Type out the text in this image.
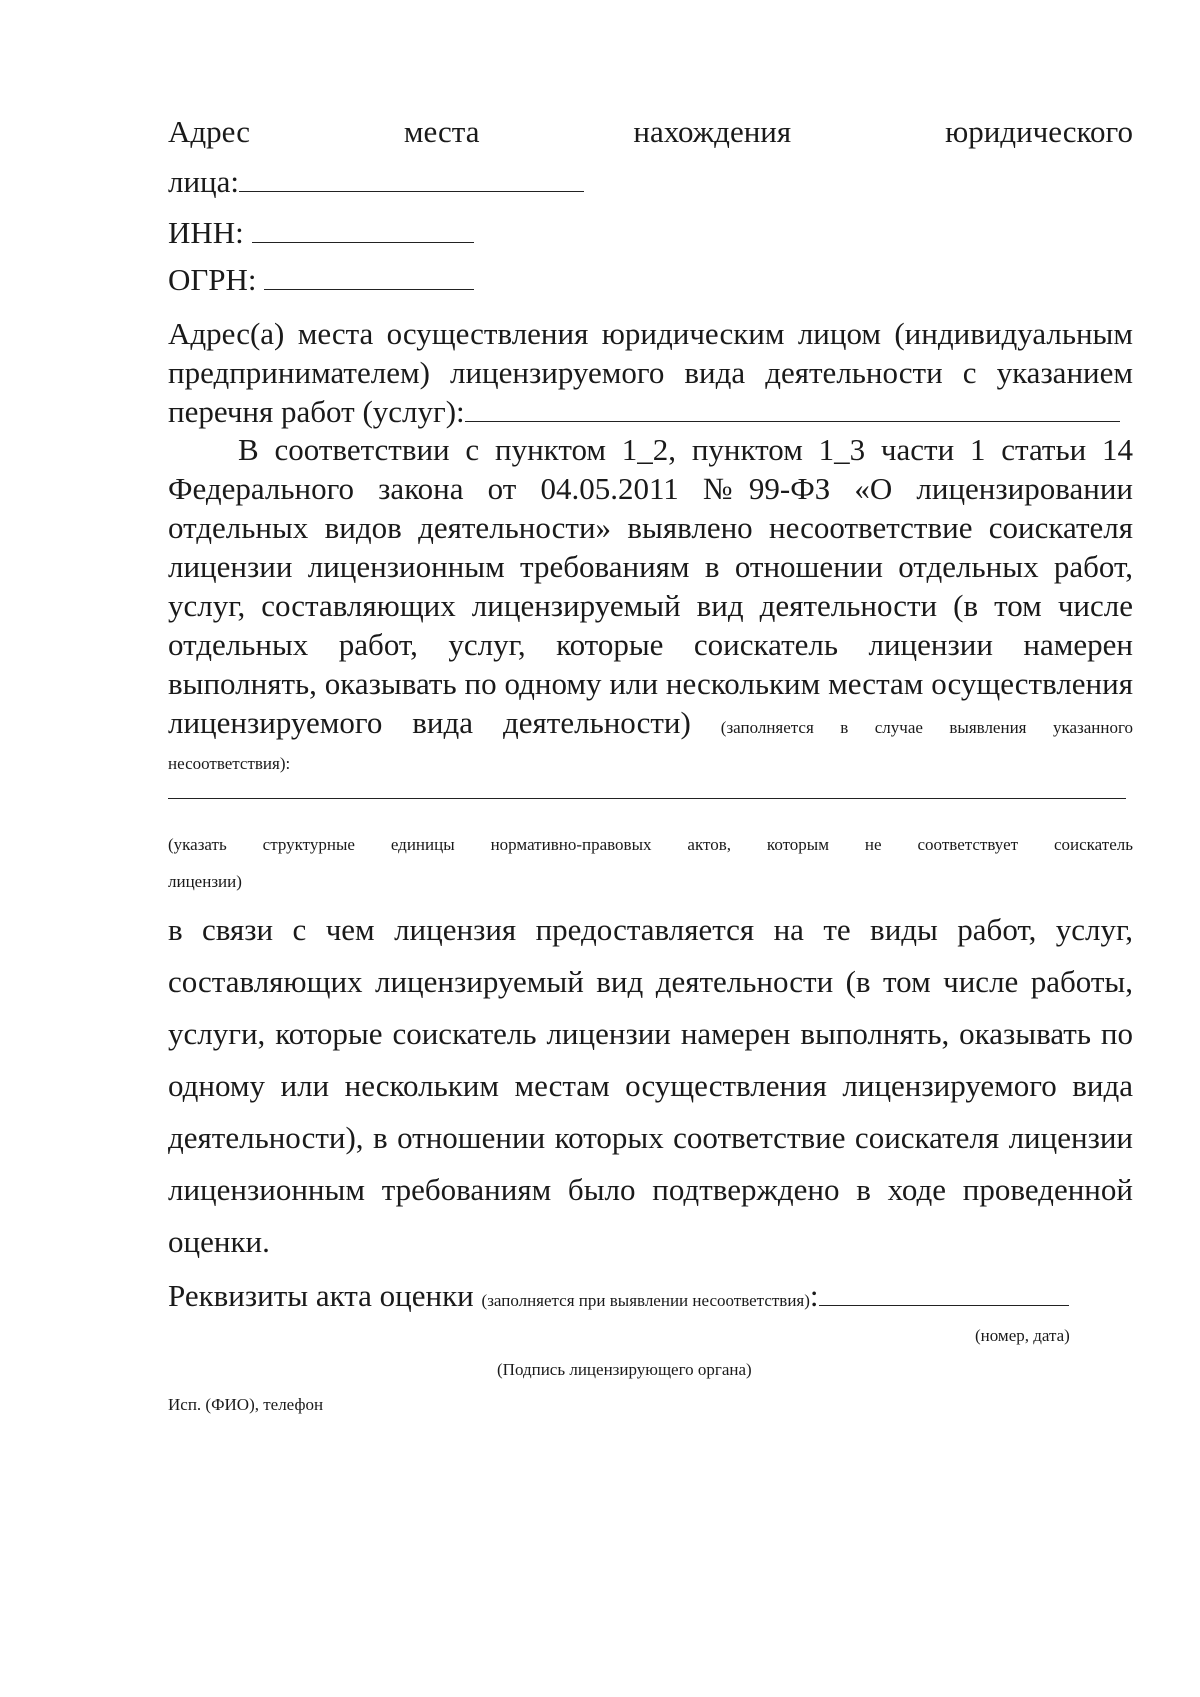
Адрес	места	нахождения	юридического
лица:
ИНН:
ОГРН:

Адрес(а) места осуществления юридическим лицом (индивидуальным

предпринимателем) лицензируемого вида деятельности с указанием

перечня работ (услуг):

В соответствии с пунктом 1_2, пунктом 1_3 части 1 статьи 14

Федерального закона от 04.05.2011 №99-ФЗ «О лицензировании

отдельных видов деятельности» выявлено несоответствие соискателя

лицензии лицензионным требованиям в отношении отдельных работ,

услуг, составляющих лицензируемый вид деятельности (в том числе

отдельных работ, услуг, которые соискатель лицензии намерен

выполнять, оказывать по одному или нескольким местам осуществления

лицензируемого вида деятельности) (заполняется в случае выявления указанного

несоответствия):

(указать структурные единицы нормативно-правовых актов, которым не соответствует соискатель

лицензии)

в связи с чем лицензия предоставляется на те виды работ, услуг,

составляющих лицензируемый вид деятельности (в том числе работы,

услуги, которые соискатель лицензии намерен выполнять, оказывать по

одному или нескольким местам осуществления лицензируемого вида

деятельности), в отношении которых соответствие соискателя лицензии

лицензионным требованиям было подтверждено в ходе проведенной

оценки.

Реквизиты акта оценки (заполняется при выявлении несоответствия):
(номер, дата)
(Подпись лицензирующего органа)
Исп. (ФИО), телефон
